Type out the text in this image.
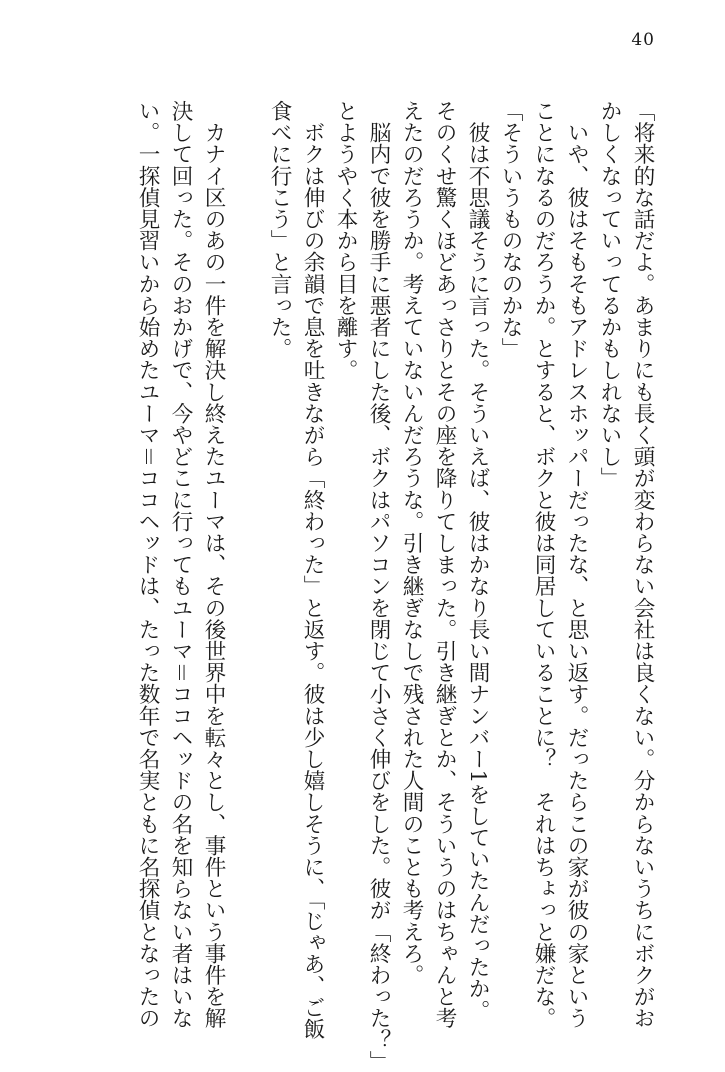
40
「将来的な話だよ。あまりにも長く頭が変わらない会社は良くない。分からないうちにボクがお
かしくなっていってるかもしれないし」
　いや、彼はそもそもアドレスホッパーだったな、と思い返す。だったらこの家が彼の家という
ことになるのだろうか。とすると、ボクと彼は同居していることに？　それはちょっと嫌だな。
「そういうものなのかな」
　彼は不思議そうに言った。そういえば、彼はかなり長い間ナンバー1をしていたんだったか。
そのくせ驚くほどあっさりとその座を降りてしまった。引き継ぎとか、そういうのはちゃんと考
えたのだろうか。考えていないんだろうな。引き継ぎなしで残された人間のことも考えろ。
　脳内で彼を勝手に悪者にした後、ボクはパソコンを閉じて小さく伸びをした。彼が「終わった？」
とようやく本から目を離す。
　ボクは伸びの余韻で息を吐きながら「終わった」と返す。彼は少し嬉しそうに、「じゃあ、ご飯
食べに行こう」と言った。
　カナイ区のあの一件を解決し終えたユーマは、その後世界中を転々とし、事件という事件を解
決して回った。そのおかげで、今やどこに行ってもユーマ＝ココヘッドの名を知らない者はいな
い。一探偵見習いから始めたユーマ＝ココヘッドは、たった数年で名実ともに名探偵となったの
